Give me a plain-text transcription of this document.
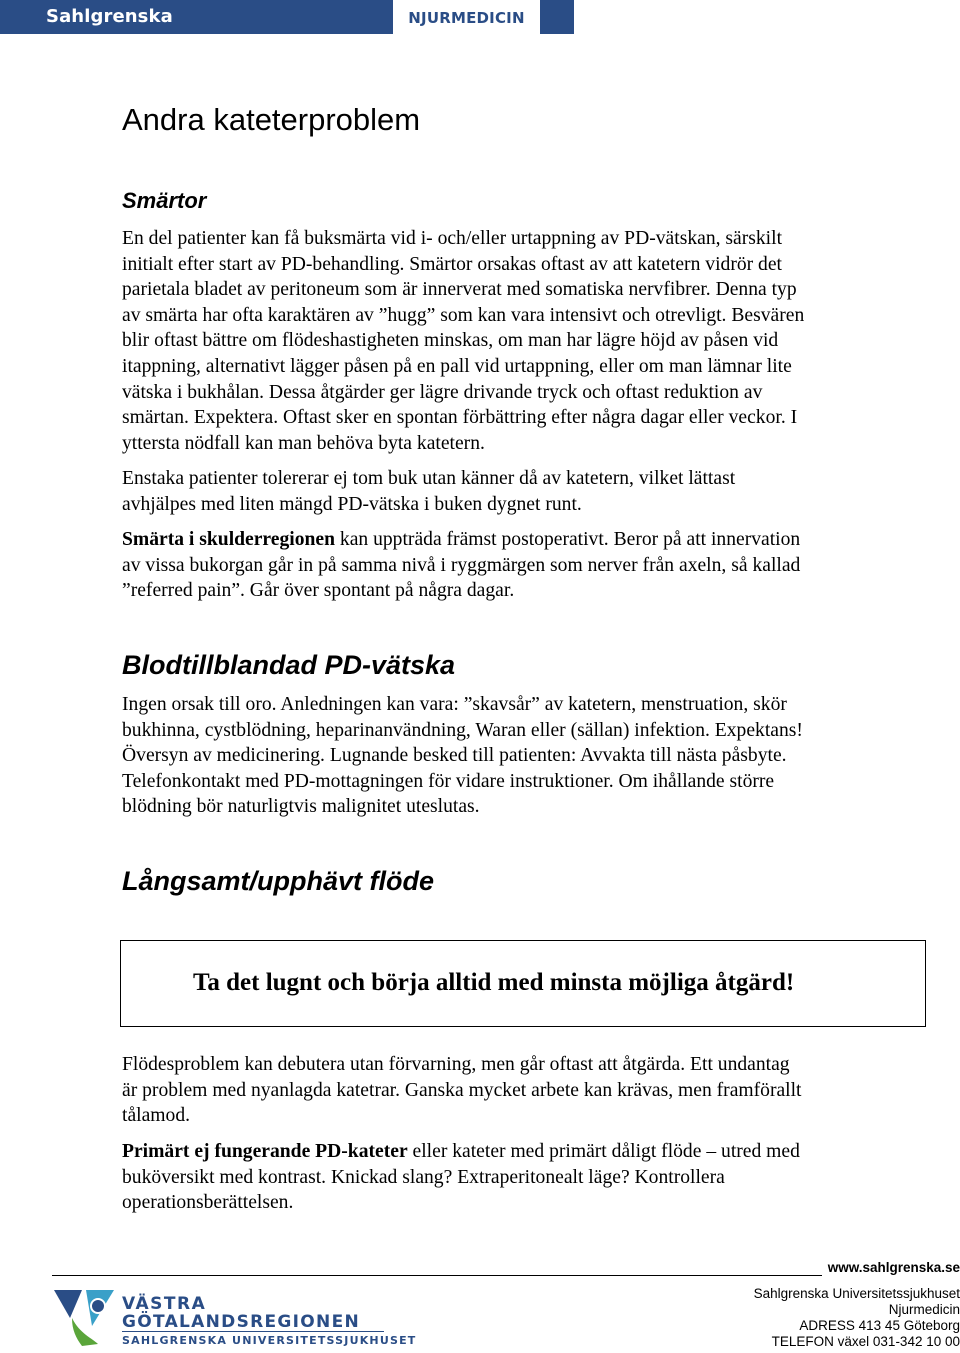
Sahlgrenska Universitetssjukhuset
NJURMEDICIN
Andra kateterproblem
Smärtor
En del patienter kan få buksmärta vid i- och/eller urtappning av PD-vätskan, särskilt
initialt efter start av PD-behandling. Smärtor orsakas oftast av att katetern vidrör det
parietala bladet av peritoneum som är innerverat med somatiska nervfibrer. Denna typ
av smärta har ofta karaktären av ”hugg” som kan vara intensivt och otrevligt. Besvären
blir oftast bättre om flödeshastigheten minskas, om man har lägre höjd av påsen vid
itappning, alternativt lägger påsen på en pall vid urtappning, eller om man lämnar lite
vätska i bukhålan. Dessa åtgärder ger lägre drivande tryck och oftast reduktion av
smärtan. Expektera. Oftast sker en spontan förbättring efter några dagar eller veckor. I
yttersta nödfall kan man behöva byta katetern.
Enstaka patienter tolererar ej tom buk utan känner då av katetern, vilket lättast
avhjälpes med liten mängd PD-vätska i buken dygnet runt.
Smärta i skulderregionen kan uppträda främst postoperativt. Beror på att innervation
av vissa bukorgan går in på samma nivå i ryggmärgen som nerver från axeln, så kallad
”referred pain”. Går över spontant på några dagar.
Blodtillblandad PD-vätska
Ingen orsak till oro. Anledningen kan vara: ”skavsår” av katetern, menstruation, skör
bukhinna, cystblödning, heparinanvändning, Waran eller (sällan) infektion. Expektans!
Översyn av medicinering. Lugnande besked till patienten: Avvakta till nästa påsbyte.
Telefonkontakt med PD-mottagningen för vidare instruktioner. Om ihållande större
blödning bör naturligtvis malignitet uteslutas.
Långsamt/upphävt flöde

Ta det lugnt och börja alltid med minsta möjliga åtgärd!

Flödesproblem kan debutera utan förvarning, men går oftast att åtgärda. Ett undantag
är problem med nyanlagda katetrar. Ganska mycket arbete kan krävas, men framförallt
tålamod.
Primärt ej fungerande PD-kateter eller kateter med primärt dåligt flöde – utred med
buköversikt med kontrast. Knickad slang? Extraperitonealt läge? Kontrollera
operationsberättelsen.
VÄSTRA
GÖTALANDSREGIONEN
SAHLGRENSKA UNIVERSITETSSJUKHUSET
www.sahlgrenska.se
Sahlgrenska Universitetssjukhuset
Njurmedicin
ADRESS 413 45 Göteborg
TELEFON växel 031-342 10 00
